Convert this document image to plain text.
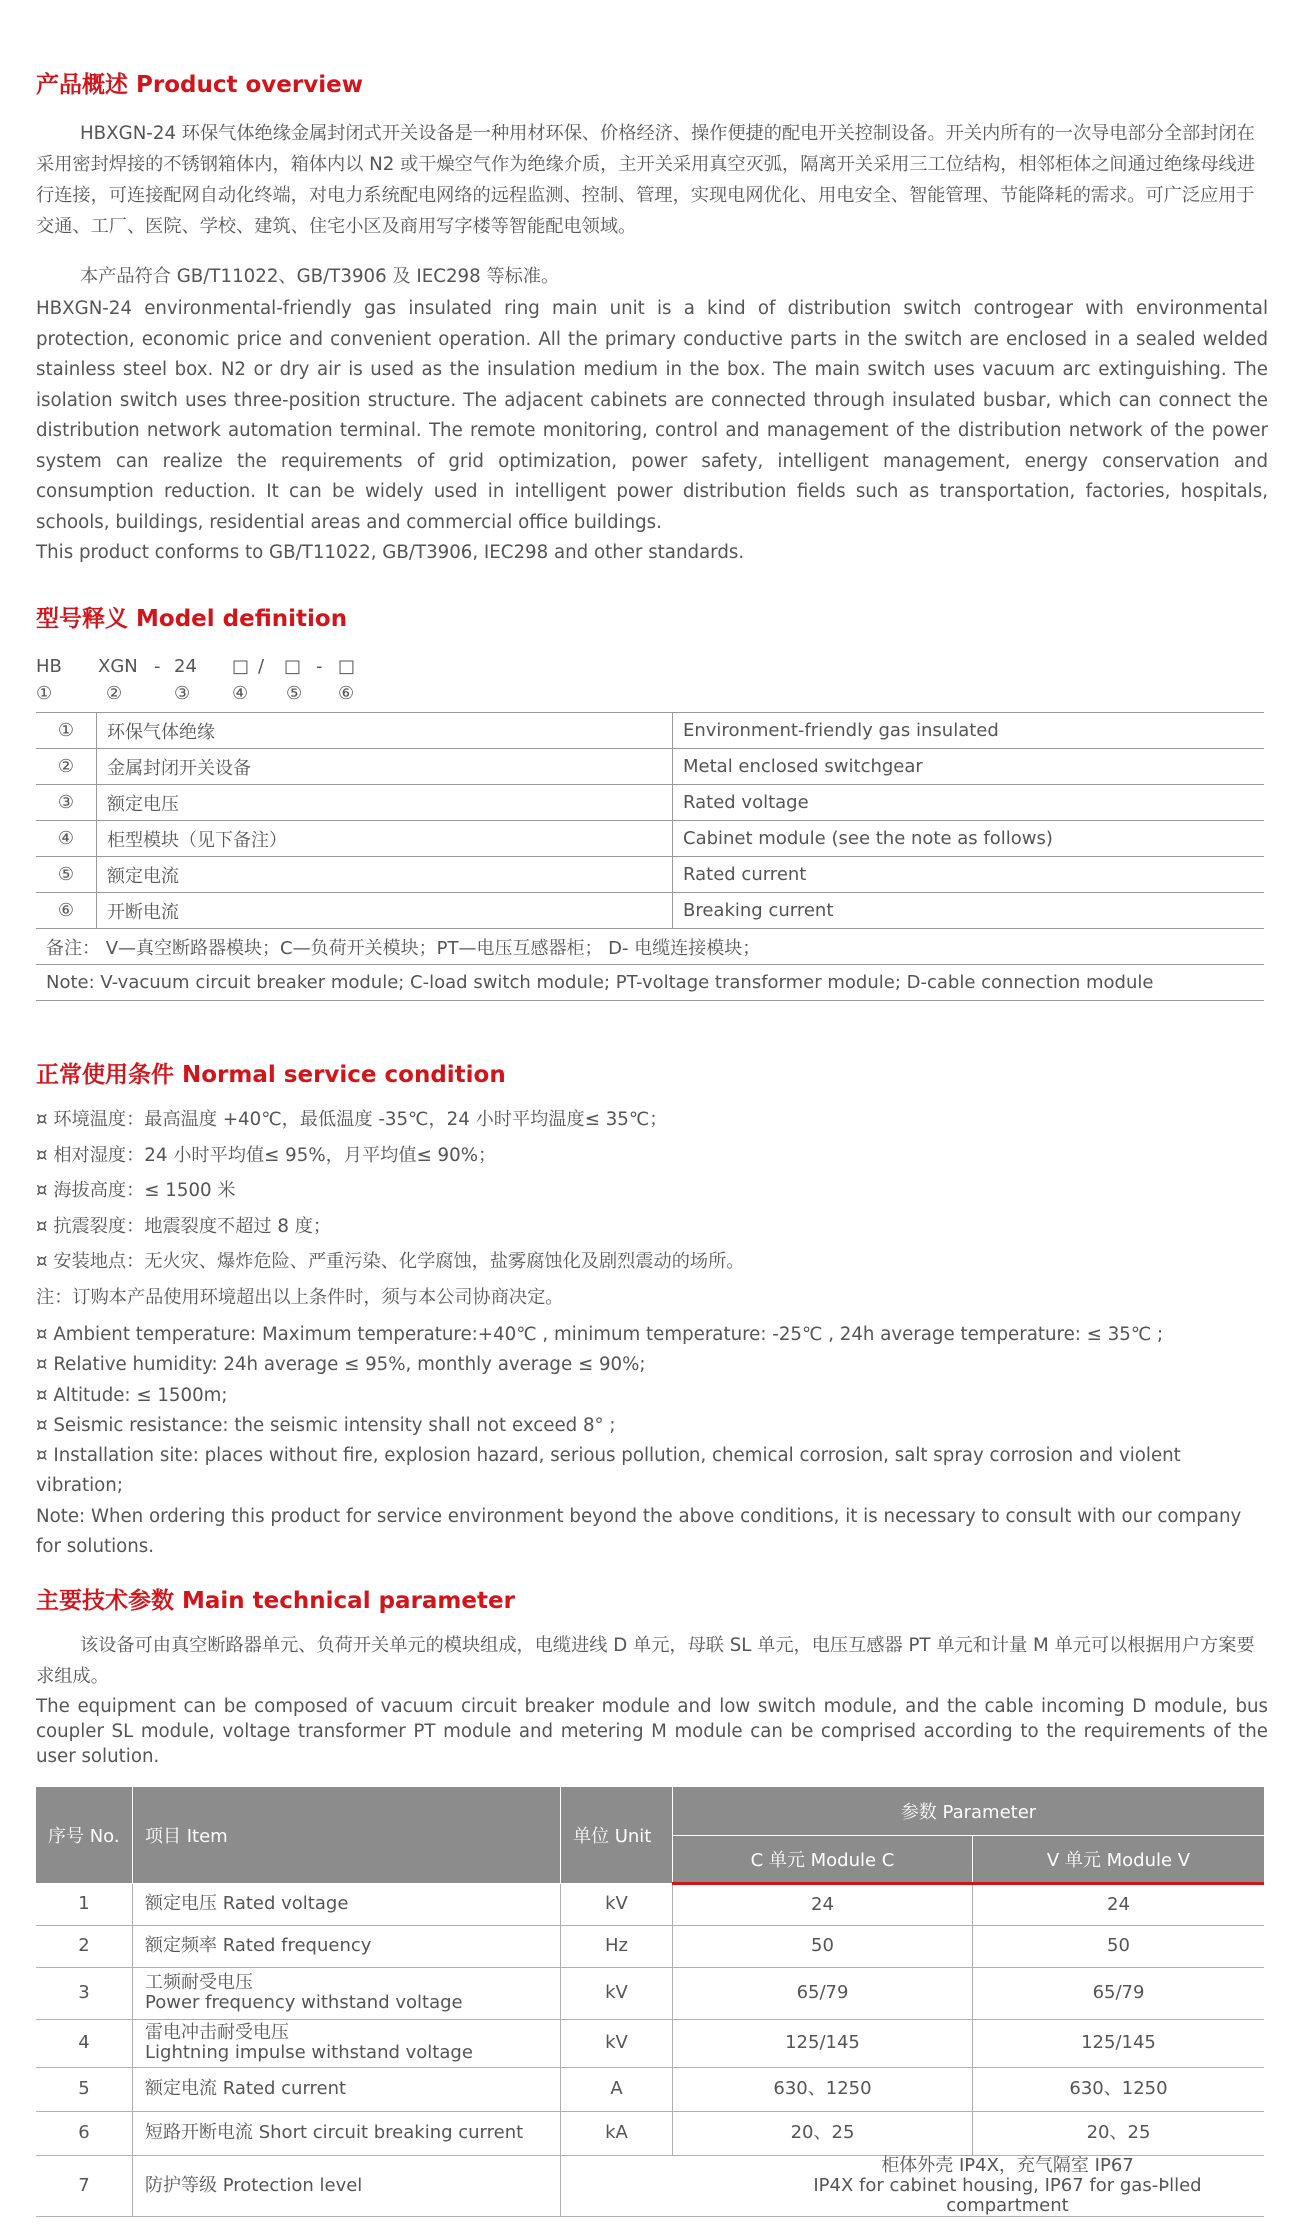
产品概述 Product overview

HBXGN-24 环保气体绝缘金属封闭式开关设备是一种用材环保、价格经济、操作便捷的配电开关控制设备。开关内所有的一次导电部分全部封闭在采用密封焊接的不锈钢箱体内，箱体内以 N2 或干燥空气作为绝缘介质，主开关采用真空灭弧，隔离开关采用三工位结构，相邻柜体之间通过绝缘母线进行连接，可连接配网自动化终端，对电力系统配电网络的远程监测、控制、管理，实现电网优化、用电安全、智能管理、节能降耗的需求。可广泛应用于交通、工厂、医院、学校、建筑、住宅小区及商用写字楼等智能配电领域。

本产品符合 GB/T11022、GB/T3906 及 IEC298 等标准。

HBXGN-24 environmental-friendly gas insulated ring main unit is a kind of distribution switch controgear with environmental protection, economic price and convenient operation. All the primary conductive parts in the switch are enclosed in a sealed welded stainless steel box. N2 or dry air is used as the insulation medium in the box. The main switch uses vacuum arc extinguishing. The isolation switch uses three-position structure. The adjacent cabinets are connected through insulated busbar, which can connect the distribution network automation terminal. The remote monitoring, control and management of the distribution network of the power system can realize the requirements of grid optimization, power safety, intelligent management, energy conservation and consumption reduction. It can be widely used in intelligent power distribution fields such as transportation, factories, hospitals, schools, buildings, residential areas and commercial office buildings.

This product conforms to GB/T11022, GB/T3906, IEC298 and other standards.

型号释义 Model definition
HB XGN - 24 □ / □ - □
①	②	③ ④ ⑤ ⑥
①	环保气体绝缘	Environment-friendly gas insulated
②	金属封闭开关设备	Metal enclosed switchgear
③	额定电压	Rated voltage
④	柜型模块（见下备注）	Cabinet module (see the note as follows)
⑤	额定电流	Rated current
⑥	开断电流	Breaking current
备注： V—真空断路器模块；C—负荷开关模块；PT—电压互感器柜； D- 电缆连接模块；		
Note: V-vacuum circuit breaker module; C-load switch module; PT-voltage transformer module; D-cable connection module		
正常使用条件 Normal service condition
¤ 环境温度：最高温度 +40℃，最低温度 -35℃，24 小时平均温度≤ 35℃；
¤ 相对湿度：24 小时平均值≤ 95%，月平均值≤ 90%；
¤ 海拔高度：≤ 1500 米
¤ 抗震裂度：地震裂度不超过 8 度；
¤ 安装地点：无火灾、爆炸危险、严重污染、化学腐蚀，盐雾腐蚀化及剧烈震动的场所。
注：订购本产品使用环境超出以上条件时，须与本公司协商决定。
¤ Ambient temperature: Maximum temperature:+40℃ , minimum temperature: -25℃ , 24h average temperature: ≤ 35℃ ;
¤ Relative humidity: 24h average ≤ 95%, monthly average ≤ 90%;
¤ Altitude: ≤ 1500m;
¤ Seismic resistance: the seismic intensity shall not exceed 8° ;
¤ Installation site: places without fire, explosion hazard, serious pollution, chemical corrosion, salt spray corrosion and violent vibration;
Note: When ordering this product for service environment beyond the above conditions, it is necessary to consult with our company for solutions.
主要技术参数 Main technical parameter

该设备可由真空断路器单元、负荷开关单元的模块组成，电缆进线 D 单元，母联 SL 单元，电压互感器 PT 单元和计量 M 单元可以根据用户方案要求组成。

The equipment can be composed of vacuum circuit breaker module and low switch module, and the cable incoming D module, bus coupler SL module, voltage transformer PT module and metering M module can be comprised according to the requirements of the user solution.

序号 No.	项目 Item	单位 Unit	参数 Parameter	
			C 单元 Module C	V 单元 Module V
1	额定电压 Rated voltage	kV	24	24
2	额定频率 Rated frequency	Hz	50	50
3	工频耐受电压
Power frequency withstand voltage	kV	65/79	65/79
4	雷电冲击耐受电压
Lightning impulse withstand voltage	kV	125/145	125/145
5	额定电流 Rated current	A	630、1250	630、1250
6	短路开断电流 Short circuit breaking current	kA	20、25	20、25
7	防护等级 Protection level	柜体外壳 IP4X，充气隔室 IP67
IP4X for cabinet housing, IP67 for gas-Þlled compartment		
